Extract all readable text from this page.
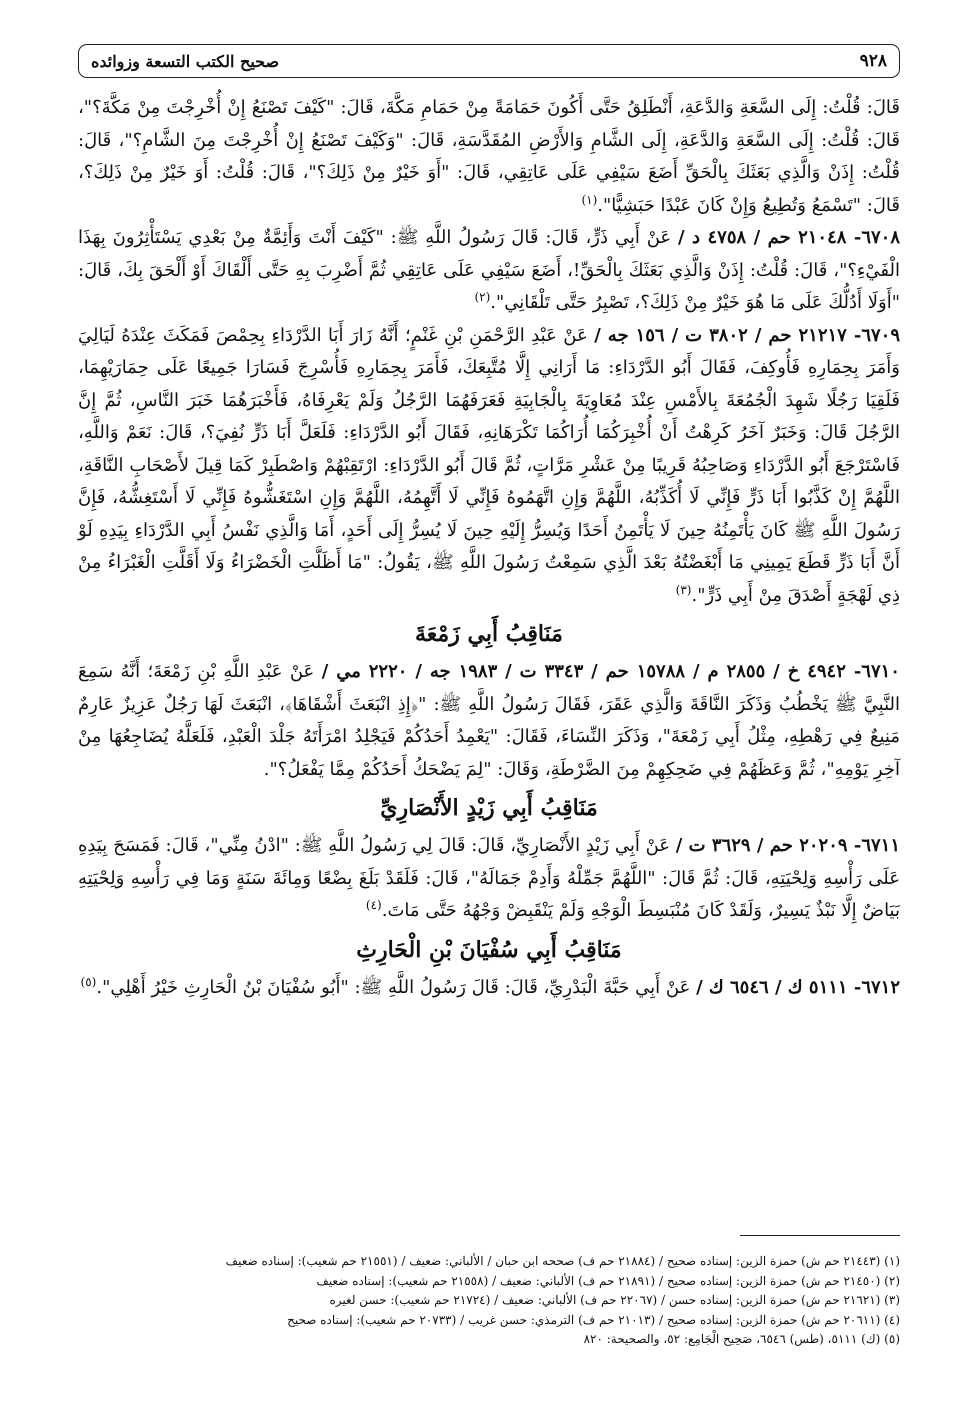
٩٢٨
صحيح الكتب التسعة وزوائده

قَالَ: قُلْتُ: إِلَى السَّعَةِ وَالدَّعَةِ، أَنْطَلِقُ حَتَّى أَكُونَ حَمَامَةً مِنْ حَمَامِ مَكَّةَ، قَالَ: "كَيْفَ تَصْنَعُ إِنْ أُخْرِجْتَ مِنْ مَكَّةَ؟"، قَالَ: قُلْتُ: إِلَى السَّعَةِ وَالدَّعَةِ، إِلَى الشَّامِ وَالأَرْضِ المُقَدَّسَةِ، قَالَ: "وَكَيْفَ تَصْنَعُ إِنْ أُخْرِجْتَ مِنَ الشَّامِ؟"، قَالَ: قُلْتُ: إِذَنْ وَالَّذِي بَعَثَكَ بِالْحَقِّ أَضَعَ سَيْفِي عَلَى عَاتِقِي، قَالَ: "أَوَ خَيْرٌ مِنْ ذَلِكَ؟"، قَالَ: قُلْتُ: أَوَ خَيْرٌ مِنْ ذَلِكَ؟، قَالَ: "تَسْمَعُ وَتُطِيعُ وَإِنْ كَانَ عَبْدًا حَبَشِيًّا".$^{(١)}$

٦٧٠٨- ٢١٠٤٨ حم / ٤٧٥٨ د / عَنْ أَبِي ذَرٍّ، قَالَ: قَالَ رَسُولُ اللَّهِ ﷺ: "كَيْفَ أَنْتَ وَأَئِمَّةٌ مِنْ بَعْدِي يَسْتَأْثِرُونَ بِهَذَا الْفَيْءِ؟"، قَالَ: قُلْتُ: إِذَنْ وَالَّذِي بَعَثَكَ بِالْحَقِّ!، أَضَعَ سَيْفِي عَلَى عَاتِقِي ثُمَّ أَضْرِبَ بِهِ حَتَّى أَلْقَاكَ أَوْ أَلْحَقَ بِكَ، قَالَ: "أَوَلَا أَدُلُّكَ عَلَى مَا هُوَ خَيْرٌ مِنْ ذَلِكَ؟، تَصْبِرُ حَتَّى تَلْقَانِي".$^{(٢)}$

٦٧٠٩- ٢١٢١٧ حم / ٣٨٠٢ ت / ١٥٦ جه / عَنْ عَبْدِ الرَّحْمَنِ بْنِ غَنْمٍ؛ أَنَّهُ زَارَ أَبَا الدَّرْدَاءِ بِحِمْصَ فَمَكَثَ عِنْدَهُ لَيَالِيَ وَأَمَرَ بِحِمَارِهِ فَأُوكِفَ، فَقَالَ أَبُو الدَّرْدَاءِ: مَا أَرَانِي إِلَّا مُتَّبِعَكَ، فَأَمَرَ بِحِمَارِهِ فَأُسْرِجَ فَسَارَا جَمِيعًا عَلَى حِمَارَيْهِمَا، فَلَقِيَا رَجُلًا شَهِدَ الْجُمُعَةَ بِالأَمْسِ عِنْدَ مُعَاوِيَةَ بِالْجَابِيَةِ فَعَرَفَهُمَا الرَّجُلُ وَلَمْ يَعْرِفَاهُ، فَأَخْبَرَهُمَا خَبَرَ النَّاسِ، ثُمَّ إِنَّ الرَّجُلَ قَالَ: وَخَبَرٌ آخَرُ كَرِهْتُ أَنْ أُخْبِرَكُمَا أُرَاكُمَا تَكْرَهَانِهِ، فَقَالَ أَبُو الدَّرْدَاءِ: فَلَعَلَّ أَبَا ذَرٍّ نُفِيَ؟، قَالَ: نَعَمْ وَاللَّهِ، فَاسْتَرْجَعَ أَبُو الدَّرْدَاءِ وَصَاحِبُهُ قَرِيبًا مِنْ عَشْرِ مَرَّاتٍ، ثُمَّ قَالَ أَبُو الدَّرْدَاءِ: ارْتَقِبْهُمْ وَاصْطَبِرْ كَمَا قِيلَ لأَصْحَابِ النَّاقَةِ، اللَّهُمَّ إِنْ كَذَّبُوا أَبَا ذَرٍّ فَإِنِّي لَا أُكَذِّبُهُ، اللَّهُمَّ وَإِنِ اتَّهَمُوهُ فَإِنِّي لَا أَتَّهِمُهُ، اللَّهُمَّ وَإِنِ اسْتَغَشُّوهُ فَإِنِّي لَا أَسْتَغِشُّهُ، فَإِنَّ رَسُولَ اللَّهِ ﷺ كَانَ يَأْتَمِنُهُ حِينَ لَا يَأْتَمِنُ أَحَدًا وَيُسِرُّ إِلَيْهِ حِينَ لَا يُسِرُّ إِلَى أَحَدٍ، أَمَا وَالَّذِي نَفْسُ أَبِي الدَّرْدَاءِ بِيَدِهِ لَوْ أَنَّ أَبَا ذَرٍّ قَطَعَ يَمِينِي مَا أَبْغَضْتُهُ بَعْدَ الَّذِي سَمِعْتُ رَسُولَ اللَّهِ ﷺ، يَقُولُ: "مَا أَظَلَّتِ الْخَضْرَاءُ وَلَا أَقَلَّتِ الْغَبْرَاءُ مِنْ ذِي لَهْجَةٍ أَصْدَقَ مِنْ أَبِي ذَرٍّ".$^{(٣)}$

مَنَاقِبُ أَبِي زَمْعَةَ

٦٧١٠- ٤٩٤٢ خ / ٢٨٥٥ م / ١٥٧٨٨ حم / ٣٣٤٣ ت / ١٩٨٣ جه / ٢٢٢٠ مي / عَنْ عَبْدِ اللَّهِ بْنِ زَمْعَةَ؛ أَنَّهُ سَمِعَ النَّبِيَّ ﷺ يَخْطُبُ وَذَكَرَ النَّاقَةَ وَالَّذِي عَقَرَ، فَقَالَ رَسُولُ اللَّهِ ﷺ: "﴿إِذِ انْبَعَثَ أَشْقَاهَا﴾، انْبَعَثَ لَهَا رَجُلٌ عَزِيزٌ عَارِمٌ مَنِيعٌ فِي رَهْطِهِ، مِثْلُ أَبِي زَمْعَةَ"، وَذَكَرَ النِّسَاءَ، فَقَالَ: "يَعْمِدُ أَحَدُكُمْ فَيَجْلِدُ امْرَأَتَهُ جَلْدَ الْعَبْدِ، فَلَعَلَّهُ يُضَاجِعُهَا مِنْ آخِرِ يَوْمِهِ"، ثُمَّ وَعَظَهُمْ فِي ضَحِكِهِمْ مِنَ الضَّرْطَةِ، وَقَالَ: "لِمَ يَضْحَكُ أَحَدُكُمْ مِمَّا يَفْعَلُ؟".

مَنَاقِبُ أَبِي زَيْدٍ الأَنْصَارِيِّ

٦٧١١- ٢٠٢٠٩ حم / ٣٦٢٩ ت / عَنْ أَبِي زَيْدٍ الأَنْصَارِيِّ، قَالَ: قَالَ لِي رَسُولُ اللَّهِ ﷺ: "ادْنُ مِنِّي"، قَالَ: فَمَسَحَ بِيَدِهِ عَلَى رَأْسِهِ وَلِحْيَتِهِ، قَالَ: ثُمَّ قَالَ: "اللَّهُمَّ جَمِّلْهُ وَأَدِمْ جَمَالَهُ"، قَالَ: فَلَقَدْ بَلَغَ بِضْعًا وَمِائَةَ سَنَةٍ وَمَا فِي رَأْسِهِ وَلِحْيَتِهِ بَيَاضٌ إِلَّا نَبْذٌ يَسِيرٌ، وَلَقَدْ كَانَ مُنْبَسِطَ الْوَجْهِ وَلَمْ يَنْقَبِضْ وَجْهُهُ حَتَّى مَاتَ.$^{(٤)}$

مَنَاقِبُ أَبِي سُفْيَانَ بْنِ الْحَارِثِ

٦٧١٢- ٥١١١ ك / ٦٥٤٦ ك / عَنْ أَبِي حَبَّةَ الْبَدْرِيِّ، قَالَ: قَالَ رَسُولُ اللَّهِ ﷺ: "أَبُو سُفْيَانَ بْنُ الْحَارِثِ خَيْرُ أَهْلِي".$^{(٥)}$

(١) (٢١٤٤٣ حم ش) حمزة الزين: إسناده صحيح / (٢١٨٨٤ حم ف) صححه ابن حبان / الألباني: ضعيف / (٢١٥٥١ حم شعيب): إسناده ضعيف
(٢) (٢١٤٥٠ حم ش) حمزة الزين: إسناده صحيح / (٢١٨٩١ حم ف) الألباني: ضعيف / (٢١٥٥٨ حم شعيب): إسناده ضعيف
(٣) (٢١٦٢١ حم ش) حمزة الزين: إسناده حسن / (٢٢٠٦٧ حم ف) الألباني: ضعيف / (٢١٧٢٤ حم شعيب): حسن لغيره
(٤) (٢٠٦١١ حم ش) حمزة الزين: إسناده صحيح / (٢١٠١٣ حم ف) الترمذي: حسن غريب / (٢٠٧٣٣ حم شعيب): إسناده صحيح
(٥) (ك) ٥١١١، (طس) ٦٥٤٦، صَحِيح الْجَامِع: ٥٢، والصحيحة: ٨٢٠
